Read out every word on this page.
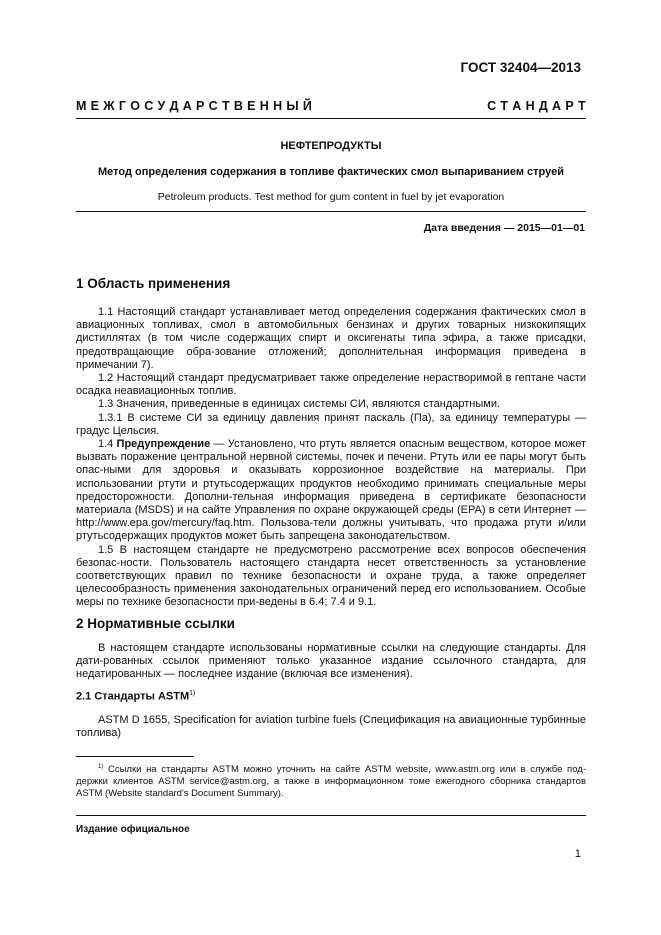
ГОСТ 32404—2013
М Е Ж Г О С У Д А Р С Т В Е Н Н Ы Й	С Т А Н Д А Р Т
НЕФТЕПРОДУКТЫ
Метод определения содержания в топливе фактических смол выпариванием струей
Petroleum products. Test method for gum content in fuel by jet evaporation
Дата введения — 2015—01—01
1 Область применения

1.1 Настоящий стандарт устанавливает метод определения содержания фактических смол в авиационных топливах, смол в автомобильных бензинах и других товарных низкокипящих дистиллятах (в том числе содержащих спирт и оксигенаты типа эфира, а также присадки, предотвращающие обра-зование отложений; дополнительная информация приведена в примечании 7).

1.2 Настоящий стандарт предусматривает также определение нерастворимой в гептане части осадка неавиационных топлив.

1.3 Значения, приведенные в единицах системы СИ, являются стандартными.

1.3.1 В системе СИ за единицу давления принят паскаль (Па), за единицу температуры — градус Цельсия.

1.4 Предупреждение — Установлено, что ртуть является опасным веществом, которое может вызвать поражение центральной нервной системы, почек и печени. Ртуть или ее пары могут быть опас-ными для здоровья и оказывать коррозионное воздействие на материалы. При использовании ртути и ртутьсодержащих продуктов необходимо принимать специальные меры предосторожности. Дополни-тельная информация приведена в сертификате безопасности материала (MSDS) и на сайте Управления по охране окружающей среды (EPA) в сети Интернет — http://www.epa.gov/mercury/faq.htm. Пользова-тели должны учитывать, что продажа ртути и/или ртутьсодержащих продуктов может быть запрещена законодательством.

1.5 В настоящем стандарте не предусмотрено рассмотрение всех вопросов обеспечения безопас-ности. Пользователь настоящего стандарта несет ответственность за установление соответствующих правил по технике безопасности и охране труда, а также определяет целесообразность применения законодательных ограничений перед его использованием. Особые меры по технике безопасности при-ведены в 6.4; 7.4 и 9.1.

2 Нормативные ссылки

В настоящем стандарте использованы нормативные ссылки на следующие стандарты. Для дати-рованных ссылок применяют только указанное издание ссылочного стандарта, для недатированных — последнее издание (включая все изменения).

2.1 Стандарты ASTM$^{1)}$

ASTM D 1655, Specification for aviation turbine fuels (Спецификация на авиационные турбинные топлива)

$^{1)}$ Ссылки на стандарты ASTM можно уточнить на сайте ASTM website, www.astm.org или в службе под-держки клиентов ASTM service@astm.org, а также в информационном томе ежегодного сборника стандартов ASTM (Website standard's Document Summary).
Издание официальное
1
